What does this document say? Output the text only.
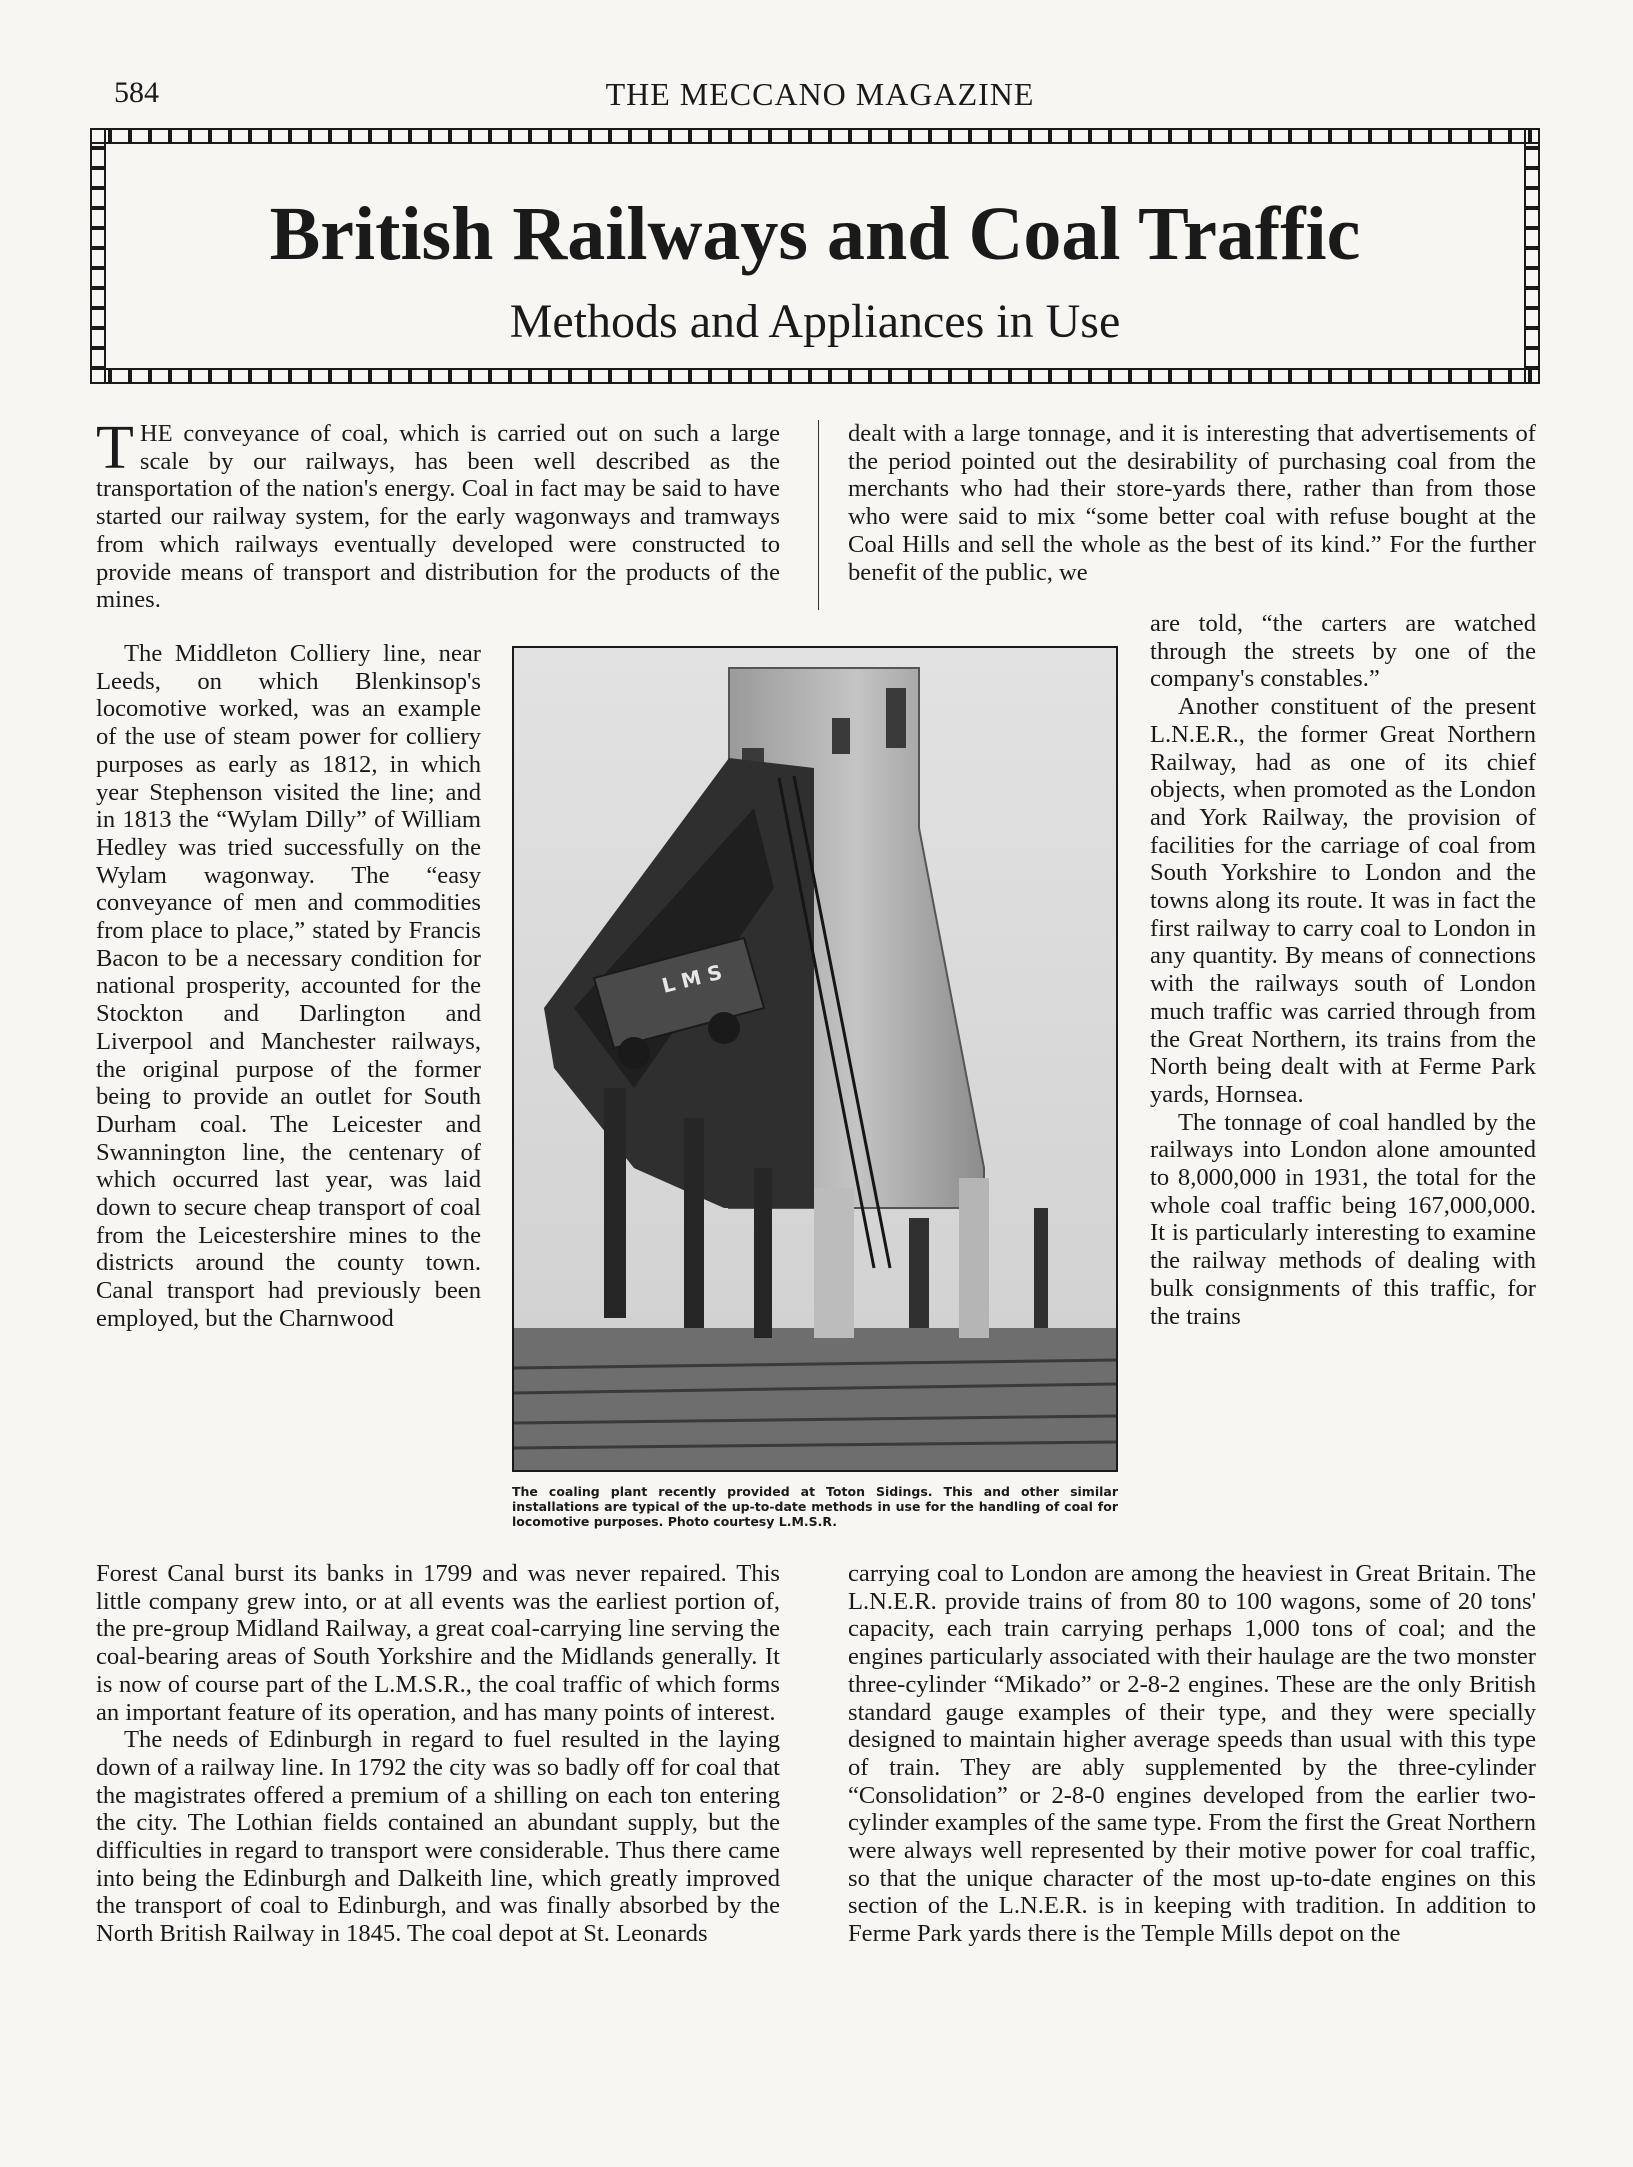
584	THE MECCANO MAGAZINE
British Railways and Coal Traffic
Methods and Appliances in Use

THE conveyance of coal, which is carried out on such a large scale by our railways, has been well described as the transportation of the nation's energy. Coal in fact may be said to have started our railway system, for the early wagonways and tramways from which railways eventually developed were constructed to provide means of transport and distribution for the products of the mines.

The Middleton Colliery line, near Leeds, on which Blenkinsop's locomotive worked, was an example of the use of steam power for colliery purposes as early as 1812, in which year Stephenson visited the line; and in 1813 the “Wylam Dilly” of William Hedley was tried successfully on the Wylam wagonway. The “easy conveyance of men and commodities from place to place,” stated by Francis Bacon to be a necessary condition for national prosperity, accounted for the Stockton and Darlington and Liverpool and Manchester railways, the original purpose of the former being to provide an outlet for South Durham coal. The Leicester and Swannington line, the centenary of which occurred last year, was laid down to secure cheap transport of coal from the Leicestershire mines to the districts around the county town. Canal transport had previously been employed, but the Charnwood

Forest Canal burst its banks in 1799 and was never repaired. This little company grew into, or at all events was the earliest portion of, the pre-group Midland Railway, a great coal-carrying line serving the coal-bearing areas of South Yorkshire and the Midlands generally. It is now of course part of the L.M.S.R., the coal traffic of which forms an important feature of its operation, and has many points of interest.

The needs of Edinburgh in regard to fuel resulted in the laying down of a railway line. In 1792 the city was so badly off for coal that the magistrates offered a premium of a shilling on each ton entering the city. The Lothian fields contained an abundant supply, but the difficulties in regard to transport were considerable. Thus there came into being the Edinburgh and Dalkeith line, which greatly improved the transport of coal to Edinburgh, and was finally absorbed by the North British Railway in 1845. The coal depot at St. Leonards

dealt with a large tonnage, and it is interesting that advertisements of the period pointed out the desirability of purchasing coal from the merchants who had their store-yards there, rather than from those who were said to mix “some better coal with refuse bought at the Coal Hills and sell the whole as the best of its kind.” For the further benefit of the public, we

are told, “the carters are watched through the streets by one of the company's constables.”

Another constituent of the present L.N.E.R., the former Great Northern Railway, had as one of its chief objects, when promoted as the London and York Railway, the provision of facilities for the carriage of coal from South Yorkshire to London and the towns along its route. It was in fact the first railway to carry coal to London in any quantity. By means of connections with the railways south of London much traffic was carried through from the Great Northern, its trains from the North being dealt with at Ferme Park yards, Hornsea.

The tonnage of coal handled by the railways into London alone amounted to 8,000,000 in 1931, the total for the whole coal traffic being 167,000,000. It is particularly interesting to examine the railway methods of dealing with bulk consignments of this traffic, for the trains

carrying coal to London are among the heaviest in Great Britain. The L.N.E.R. provide trains of from 80 to 100 wagons, some of 20 tons' capacity, each train carrying perhaps 1,000 tons of coal; and the engines particularly associated with their haulage are the two monster three-cylinder “Mikado” or 2-8-2 engines. These are the only British standard gauge examples of their type, and they were specially designed to maintain higher average speeds than usual with this type of train. They are ably supplemented by the three-cylinder “Consolidation” or 2-8-0 engines developed from the earlier two-cylinder examples of the same type. From the first the Great Northern were always well represented by their motive power for coal traffic, so that the unique character of the most up-to-date engines on this section of the L.N.E.R. is in keeping with tradition. In addition to Ferme Park yards there is the Temple Mills depot on the

L M S
The coaling plant recently provided at Toton Sidings. This and other similar installations are typical of the up-to-date methods in use for the handling of coal for locomotive purposes. Photo courtesy L.M.S.R.
